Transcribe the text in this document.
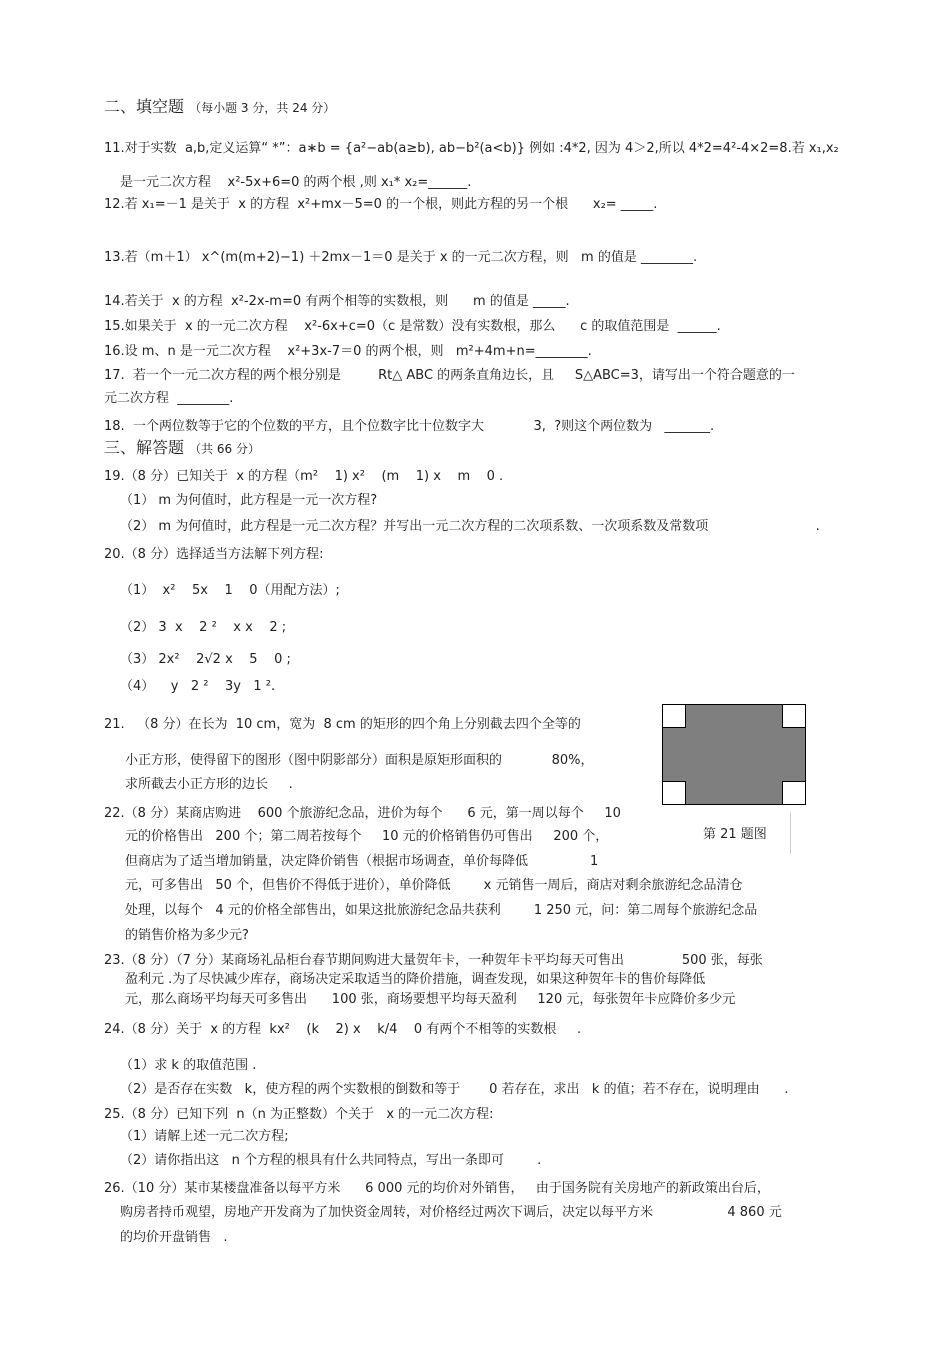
二、填空题 （每小题 3 分，共 24 分）
11.对于实数  a,b,定义运算“ *”：a∗b = {a²−ab(a≥b), ab−b²(a<b)} 例如 :4*2, 因为 4＞2,所以 4*2=4²-4×2=8.若 x₁,x₂
是一元二次方程    x²-5x+6=0 的两个根 ,则 x₁* x₂=______.
12.若 x₁=－1 是关于  x 的方程  x²+mx－5=0 的一个根，则此方程的另一个根      x₂= _____.
13.若（m＋1） x^(m(m+2)−1) ＋2mx－1＝0 是关于 x 的一元二次方程，则   m 的值是 ________.
14.若关于  x 的方程  x²-2x-m=0 有两个相等的实数根，则      m 的值是 _____.
15.如果关于  x 的一元二次方程    x²-6x+c=0（c 是常数）没有实数根，那么      c 的取值范围是  ______.
16.设 m、n 是一元二次方程    x²+3x-7＝0 的两个根，则   m²+4m+n=________.
17.  若一个一元二次方程的两个根分别是         Rt△ ABC 的两条直角边长，且     S△ABC=3，请写出一个符合题意的一
元二次方程  ________.
18.  一个两位数等于它的个位数的平方，且个位数字比十位数字大            3,  ?则这个两位数为   _______.
三、解答题 （共 66 分）
19.（8 分）已知关于  x 的方程（m²    1) x²    (m    1) x    m    0 .
（1） m 为何值时，此方程是一元一次方程?
（2） m 为何值时，此方程是一元二次方程？并写出一元二次方程的二次项系数、一次项系数及常数项                          .
20.（8 分）选择适当方法解下列方程:
（1）  x²    5x    1    0（用配方法）;
（2） 3  x    2 ²    x x    2 ;
（3） 2x²    2√2 x    5    0 ;
（4）    y   2 ²    3y   1 ².
21.   （8 分）在长为  10 cm，宽为  8 cm 的矩形的四个角上分别截去四个全等的
小正方形，使得留下的图形（图中阴影部分）面积是原矩形面积的            80%，
求所截去小正方形的边长     .
第 21 题图
22.（8 分）某商店购进    600 个旅游纪念品，进价为每个      6 元，第一周以每个     10
元的价格售出   200 个；第二周若按每个     10 元的价格销售仍可售出     200 个，
但商店为了适当增加销量，决定降价销售（根据市场调查，单价每降低               1
元，可多售出   50 个，但售价不得低于进价），单价降低        x 元销售一周后，商店对剩余旅游纪念品清仓
处理，以每个   4 元的价格全部售出，如果这批旅游纪念品共获利        1 250 元，问：第二周每个旅游纪念品
的销售价格为多少元?
23.（8 分）（7 分）某商场礼品柜台春节期间购进大量贺年卡，一种贺年卡平均每天可售出              500 张，每张
盈利元 .为了尽快减少库存，商场决定采取适当的降价措施，调查发现，如果这种贺年卡的售价每降低
元，那么商场平均每天可多售出      100 张，商场要想平均每天盈利     120 元，每张贺年卡应降价多少元
24.（8 分）关于  x 的方程  kx²    (k    2) x    k/4    0 有两个不相等的实数根     .
（1）求 k 的取值范围 .
（2）是否存在实数   k，使方程的两个实数根的倒数和等于       0 若存在，求出   k 的值；若不存在，说明理由      .
25.（8 分）已知下列  n（n 为正整数）个关于   x 的一元二次方程:
（1）请解上述一元二次方程;
（2）请你指出这   n 个方程的根具有什么共同特点，写出一条即可        .
26.（10 分）某市某楼盘准备以每平方米      6 000 元的均价对外销售，   由于国务院有关房地产的新政策出台后，
购房者持币观望，房地产开发商为了加快资金周转，对价格经过两次下调后，决定以每平方米                  4 860 元
的均价开盘销售   .
